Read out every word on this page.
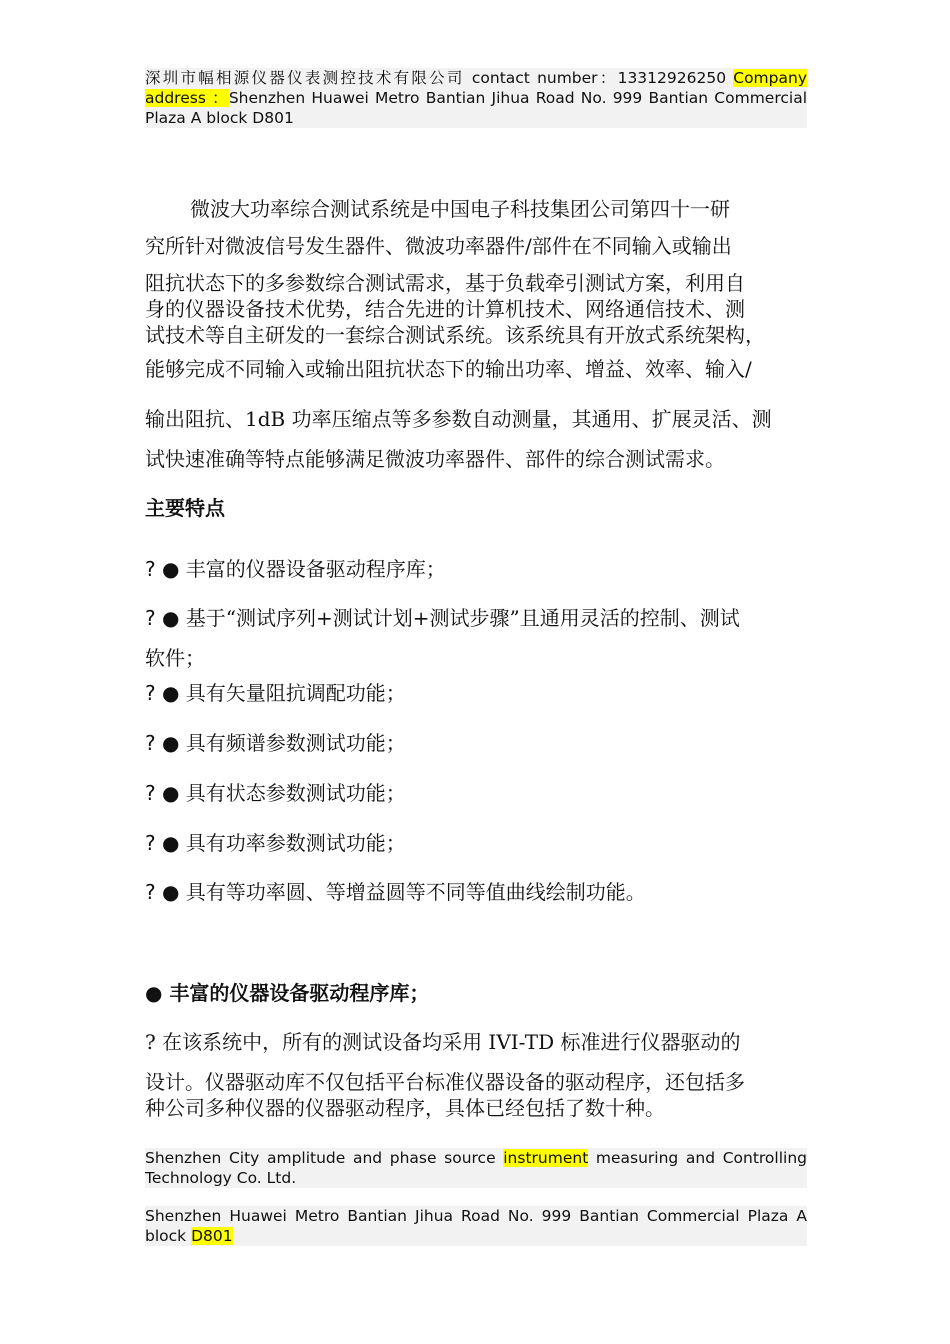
深圳市幅相源仪器仪表测控技术有限公司 contact number：13312926250 Company address ：Shenzhen Huawei Metro Bantian Jihua Road No. 999 Bantian Commercial Plaza A block D801
微波大功率综合测试系统是中国电子科技集团公司第四十一研
究所针对微波信号发生器件、微波功率器件/部件在不同输入或输出
阻抗状态下的多参数综合测试需求，基于负载牵引测试方案，利用自
身的仪器设备技术优势，结合先进的计算机技术、网络通信技术、测
试技术等自主研发的一套综合测试系统。该系统具有开放式系统架构，
能够完成不同输入或输出阻抗状态下的输出功率、增益、效率、输入/
输出阻抗、1dB 功率压缩点等多参数自动测量，其通用、扩展灵活、测
试快速准确等特点能够满足微波功率器件、部件的综合测试需求。
主要特点
? ● 丰富的仪器设备驱动程序库；
? ● 基于“测试序列+测试计划+测试步骤”且通用灵活的控制、测试
软件；
? ● 具有矢量阻抗调配功能；
? ● 具有频谱参数测试功能；
? ● 具有状态参数测试功能；
? ● 具有功率参数测试功能；
? ● 具有等功率圆、等增益圆等不同等值曲线绘制功能。
● 丰富的仪器设备驱动程序库；
? 在该系统中，所有的测试设备均采用 IVI-TD 标准进行仪器驱动的
设计。仪器驱动库不仅包括平台标准仪器设备的驱动程序，还包括多
种公司多种仪器的仪器驱动程序，具体已经包括了数十种。
Shenzhen City amplitude and phase source instrument measuring and Controlling Technology Co. Ltd.
Shenzhen Huawei Metro Bantian Jihua Road No. 999 Bantian Commercial Plaza A block D801
